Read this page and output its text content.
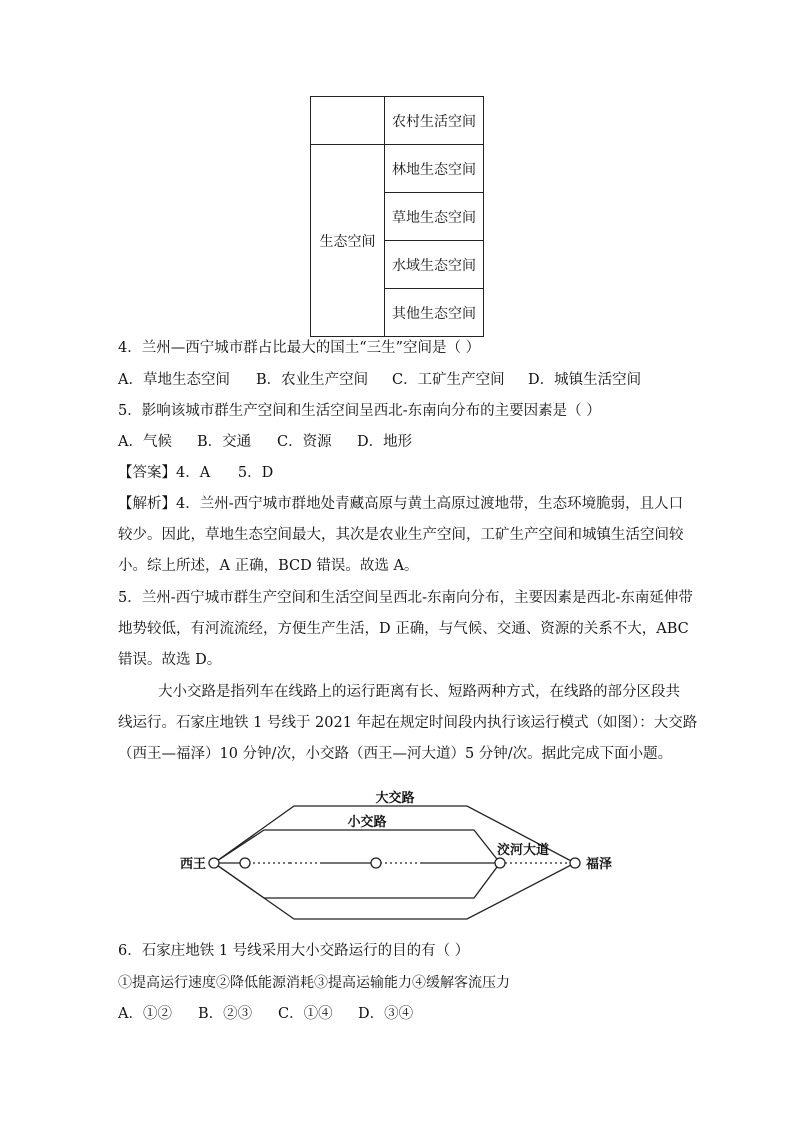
	农村生活空间
生态空间	林地生态空间
	草地生态空间
	水域生态空间
	其他生态空间
4．兰州—西宁城市群占比最大的国土“三生”空间是（ ）
A．草地生态空间 B．农业生产空间 C．工矿生产空间 D．城镇生活空间
5．影响该城市群生产空间和生活空间呈西北-东南向分布的主要因素是（ ）
A．气候 B．交通 C．资源 D．地形
【答案】4．A      5．D
【解析】4．兰州-西宁城市群地处青藏高原与黄土高原过渡地带，生态环境脆弱，且人口
较少。因此，草地生态空间最大，其次是农业生产空间，工矿生产空间和城镇生活空间较
小。综上所述，A 正确，BCD 错误。故选 A。
5．兰州-西宁城市群生产空间和生活空间呈西北-东南向分布，主要因素是西北-东南延伸带
地势较低，有河流流经，方便生产生活，D 正确，与气候、交通、资源的关系不大，ABC
错误。故选 D。
大小交路是指列车在线路上的运行距离有长、短路两种方式，在线路的部分区段共
线运行。石家庄地铁 1 号线于 2021 年起在规定时间段内执行该运行模式（如图）：大交路
（西王—福泽）10 分钟/次，小交路（西王—河大道）5 分钟/次。据此完成下面小题。
大交路
小交路
西王
洨河大道
福泽
6．石家庄地铁 1 号线采用大小交路运行的目的有（ ）
①提高运行速度②降低能源消耗③提高运输能力④缓解客流压力
A．①② B．②③ C．①④ D．③④
